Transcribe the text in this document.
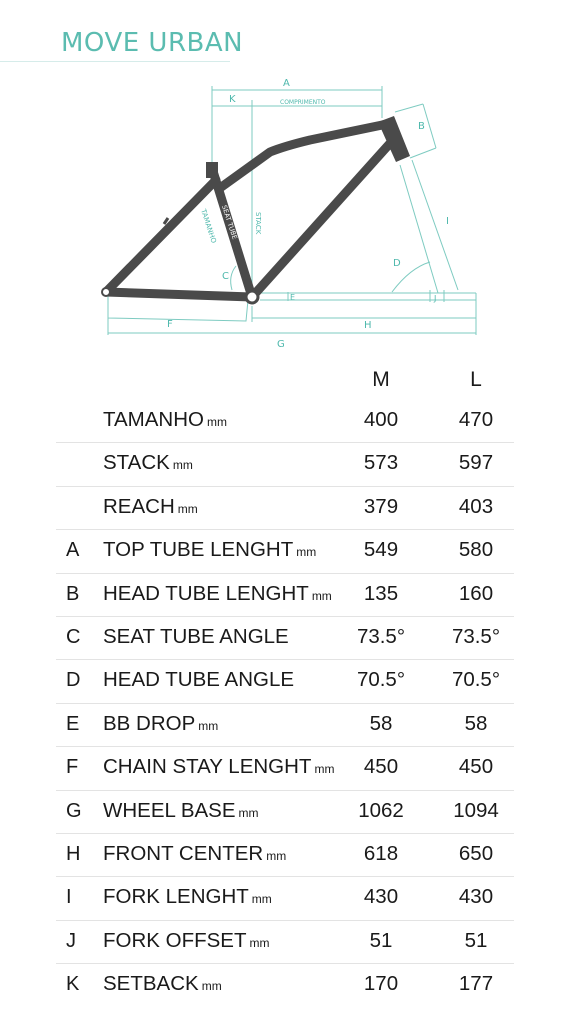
MOVE URBAN
A
K	COMPRIMENTO
B
I
D
C
E	J
F	H
G
STACK
TAMANHO SEAT TUBE
M	L
TAMANHO mm	400	470
STACK mm	573	597
REACH mm	379	403
A TOP TUBE LENGHT mm	549	580
B HEAD TUBE LENGHT mm	135	160
C SEAT TUBE ANGLE	73.5° 73.5°
D HEAD TUBE ANGLE	70.5° 70.5°
E BB DROP mm	58	58
F CHAIN STAY LENGHT mm	450	450
G WHEEL BASE mm	1062	1094
H FRONT CENTER mm	618	650
I FORK LENGHT mm	430	430
J FORK OFFSET mm	51	51
K SETBACK mm	170	177
